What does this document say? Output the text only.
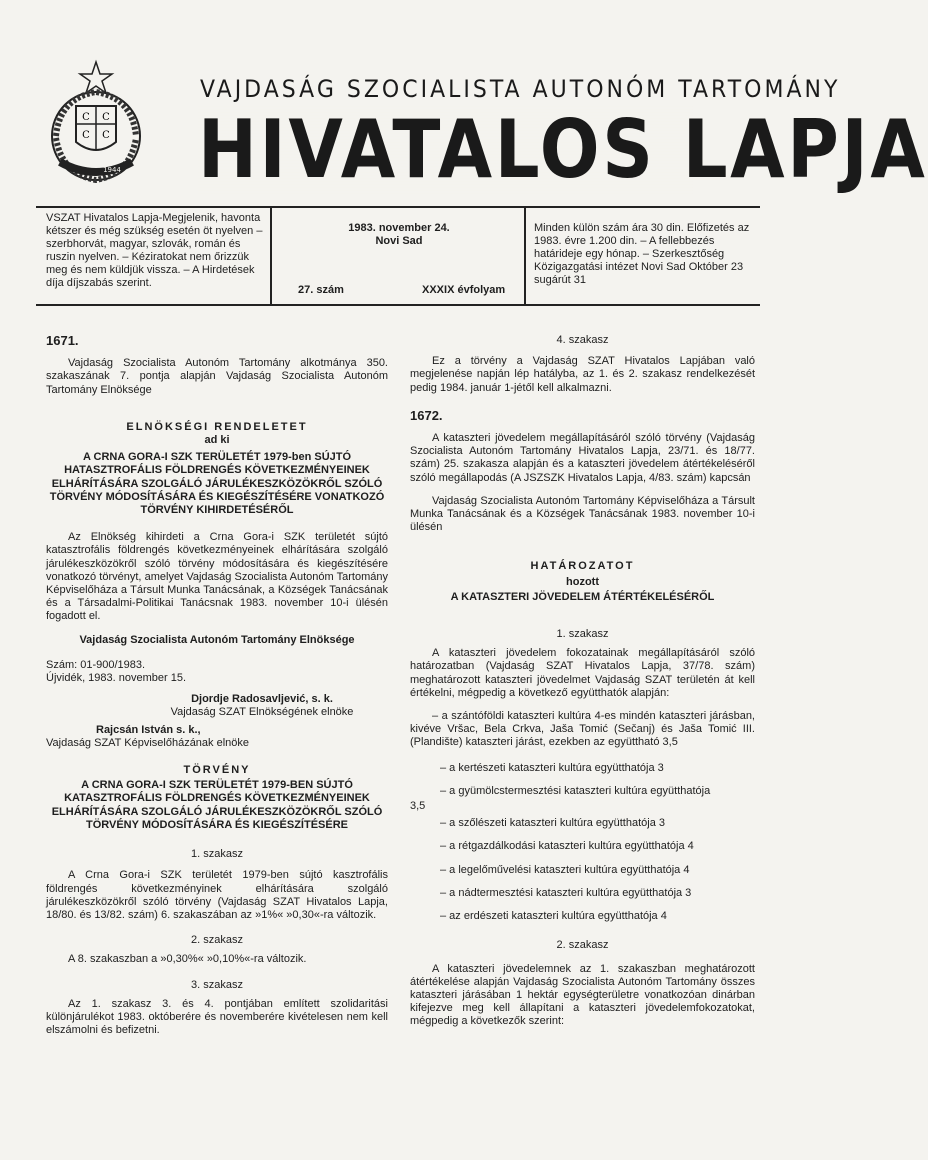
C C
C C
1944
VAJDASÁG SZOCIALISTA AUTONÓM TARTOMÁNY
HIVATALOS LAPJA
VSZAT Hivatalos Lapja-Megjelenik, havonta kétszer és még szükség esetén öt nyelven – szerbhorvát, magyar, szlovák, román és ruszin nyelven. – Kéziratokat nem őrizzük meg és nem küldjük vissza. – A Hirdetések díja díjszabás szerint.
1983. november 24.
Novi Sad
27. szám	XXXIX évfolyam
Minden külön szám ára 30 din. Előfizetés az 1983. évre 1.200 din. – A fellebbezés határideje egy hónap. – Szerkesztőség Közigazgatási intézet Novi Sad Október 23 sugárút 31
1671.

Vajdaság Szocialista Autonóm Tartomány alkotmánya 350. szakaszának 7. pontja alapján Vajdaság Szocialista Autonóm Tartomány Elnöksége

ELNÖKSÉGI RENDELETET
ad ki
A CRNA GORA-I SZK TERÜLETÉT 1979-ben SÚJTÓ HATASZTROFÁLIS FÖLDRENGÉS KÖVETKEZMÉNYEINEK ELHÁRÍTÁSÁRA SZOLGÁLÓ JÁRULÉKESZKÖZÖKRŐL SZÓLÓ TÖRVÉNY MÓDOSÍTÁSÁRA ÉS KIEGÉSZÍTÉSÉRE VONATKOZÓ TÖRVÉNY KIHIRDETÉSÉRŐL

Az Elnökség kihirdeti a Crna Gora-i SZK területét sújtó katasztrofális földrengés következményeinek elhárítására szolgáló járulékeszközökről szóló törvény módosítására és kiegészítésére vonatkozó törvényt, amelyet Vajdaság Szocialista Autonóm Tartomány Képviselőháza a Társult Munka Tanácsának, a Községek Tanácsának és a Társadalmi-Politikai Tanácsnak 1983. november 10-i ülésén fogadott el.

Vajdaság Szocialista Autonóm Tartomány Elnöksége
Szám: 01-900/1983.
Újvidék, 1983. november 15.
Djordje Radosavljević, s. k.
Vajdaság SZAT Elnökségének elnöke
Rajcsán István s. k.,
Vajdaság SZAT Képviselőházának elnöke
TÖRVÉNY
A CRNA GORA-I SZK TERÜLETÉT 1979-BEN SÚJTÓ KATASZTROFÁLIS FÖLDRENGÉS KÖVETKEZMÉNYEINEK ELHÁRÍTÁSÁRA SZOLGÁLÓ JÁRULÉKESZKÖZÖKRŐL SZÓLÓ TÖRVÉNY MÓDOSÍTÁSÁRA ÉS KIEGÉSZÍTÉSÉRE
1. szakasz

A Crna Gora-i SZK területét 1979-ben sújtó kasztrofális földrengés következményinek elhárítására szolgáló járulékeszközökről szóló törvény (Vajdaság SZAT Hivatalos Lapja, 18/80. és 13/82. szám) 6. szakaszában az »1%« »0,30«-ra változik.

2. szakasz

A 8. szakaszban a »0,30%« »0,10%«-ra változik.

3. szakasz

Az 1. szakasz 3. és 4. pontjában említett szolidaritási különjárulékot 1983. októberére és novemberére kivételesen nem kell elszámolni és befizetni.

4. szakasz

Ez a törvény a Vajdaság SZAT Hivatalos Lapjában való megjelenése napján lép hatályba, az 1. és 2. szakasz rendelkezését pedig 1984. január 1-jétől kell alkalmazni.

1672.

A kataszteri jövedelem megállapításáról szóló törvény (Vajdaság Szocialista Autonóm Tartomány Hivatalos Lapja, 23/71. és 18/77. szám) 25. szakasza alapján és a kataszteri jövedelem átértékeléséről szóló megállapodás (A JSZSZK Hivatalos Lapja, 4/83. szám) kapcsán

Vajdaság Szocialista Autonóm Tartomány Képviselőháza a Társult Munka Tanácsának és a Községek Tanácsának 1983. november 10-i ülésén

HATÁROZATOT
hozott
A KATASZTERI JÖVEDELEM ÁTÉRTÉKELÉSÉRŐL
1. szakasz

A kataszteri jövedelem fokozatainak megállapításáról szóló határozatban (Vajdaság SZAT Hivatalos Lapja, 37/78. szám) meghatározott kataszteri jövedelmet Vajdaság SZAT területén át kell értékelni, mégpedig a következő együtthatók alapján:

– a szántóföldi kataszteri kultúra 4-es mindén kataszteri járásban, kivéve Vršac, Bela Crkva, Jaša Tomić (Sečanj) és Jaša Tomić III. (Plandište) kataszteri járást, ezekben az együttható 3,5

– a kertészeti kataszteri kultúra együtthatója 3
– a gyümölcstermesztési kataszteri kultúra együtthatója
3,5
– a szőlészeti kataszteri kultúra együtthatója 3
– a rétgazdálkodási kataszteri kultúra együtthatója 4
– a legelőművelési kataszteri kultúra együtthatója 4
– a nádtermesztési kataszteri kultúra együtthatója 3
– az erdészeti kataszteri kultúra együtthatója 4
2. szakasz

A kataszteri jövedelemnek az 1. szakaszban meghatározott átértékelése alapján Vajdaság Szocialista Autonóm Tartomány összes kataszteri járásában 1 hektár egységterületre vonatkozóan dinárban kifejezve meg kell állapítani a kataszteri jövedelemfokozatokat, mégpedig a következők szerint:
